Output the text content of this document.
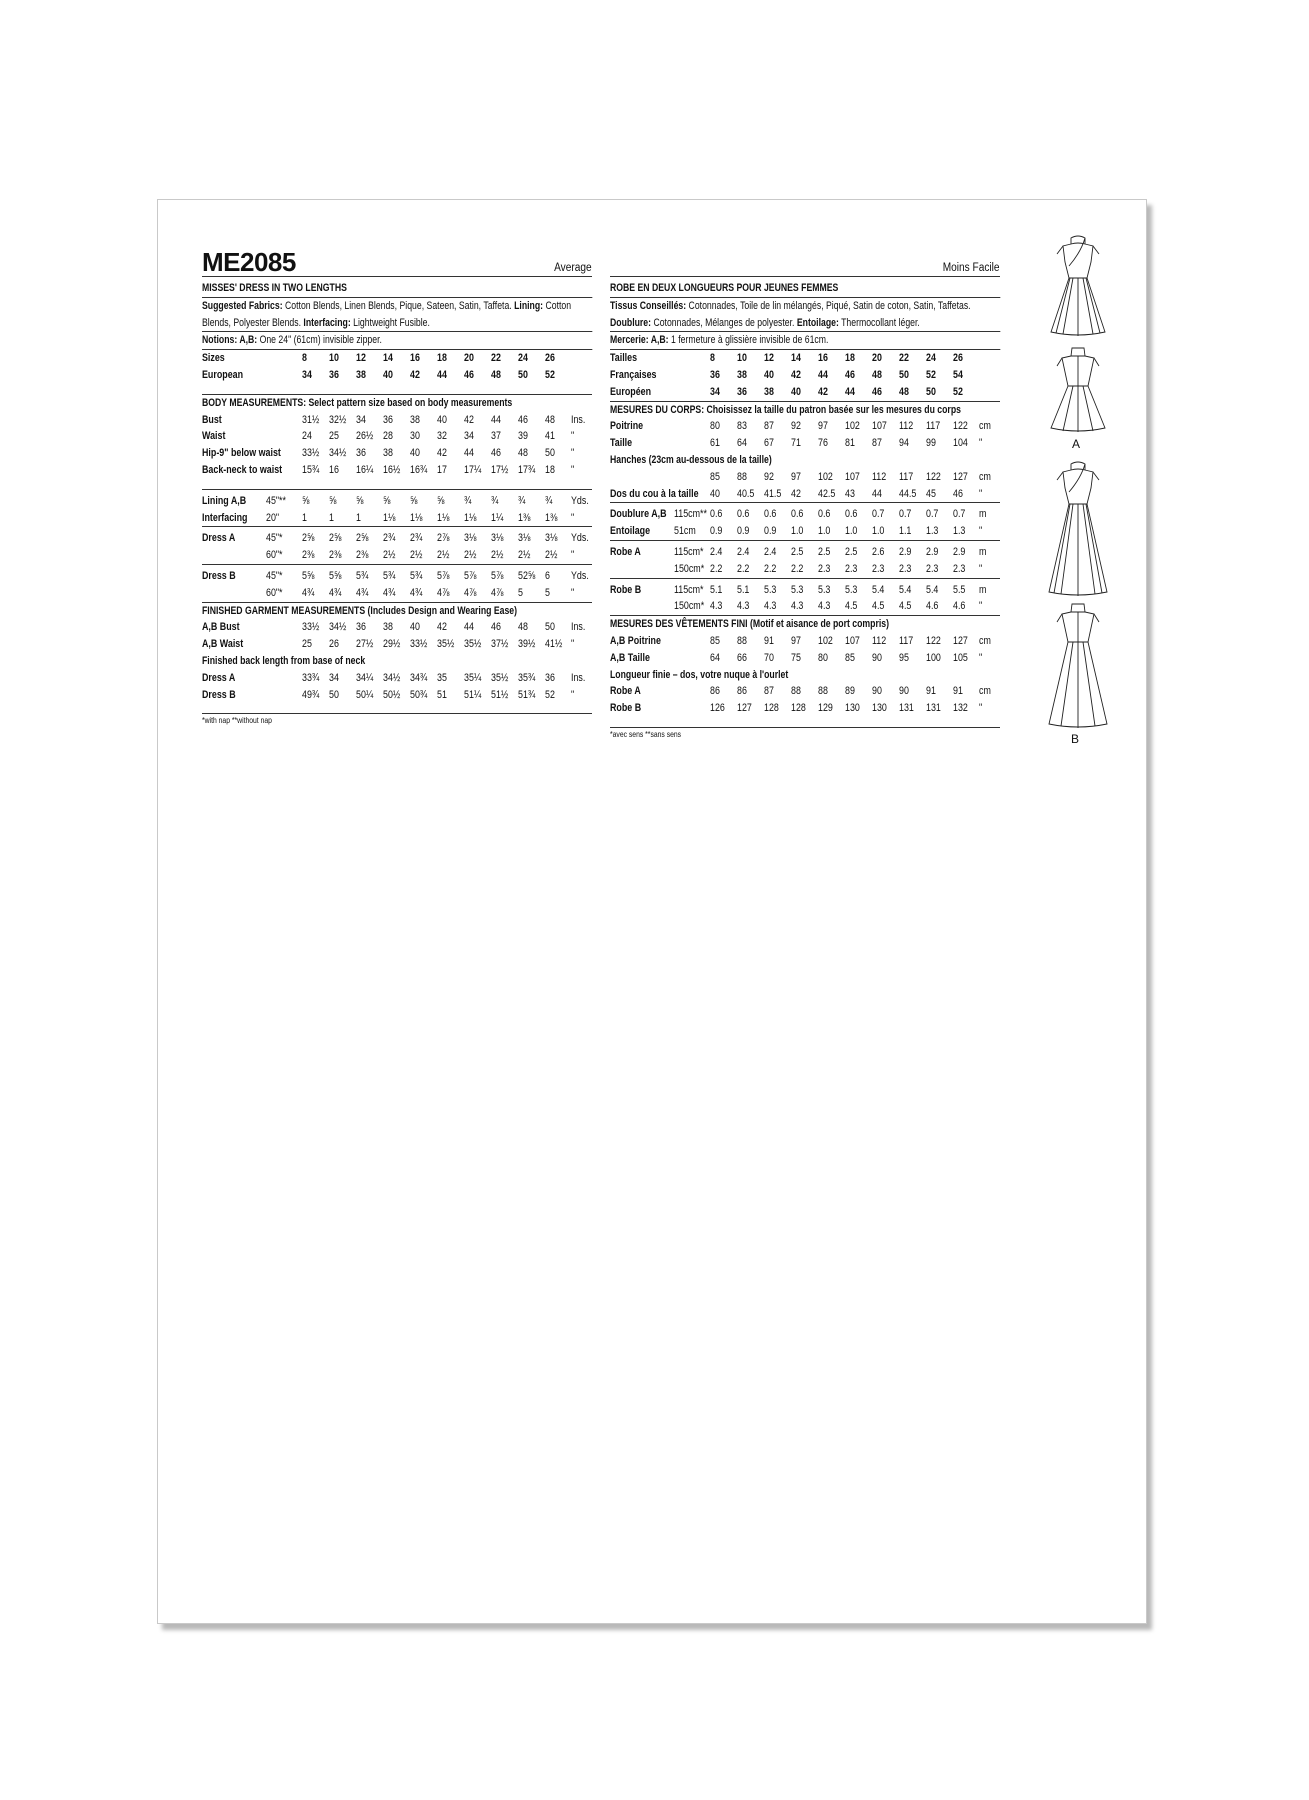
ME2085	Average
MISSES' DRESS IN TWO LENGTHS
Suggested Fabrics: Cotton Blends, Linen Blends, Pique, Sateen, Satin, Taffeta. Lining: Cotton
Blends, Polyester Blends. Interfacing: Lightweight Fusible.
Notions: A,B: One 24" (61cm) invisible zipper.
Sizes	8 10 12 14 16 18 20 22 24 26
European	34 36 38 40 42 44 46 48 50 52
BODY MEASUREMENTS: Select pattern size based on body measurements
Bust	31½ 32½ 34 36 38 40 42 44 46 48 Ins.
Waist	24 25 26½ 28 30 32 34 37 39 41 "
Hip-9" below waist 33½ 34½ 36 38 40 42 44 46 48 50 "
Back-neck to waist 15¾ 16 16¼ 16½ 16¾ 17 17¼ 17½ 17¾ 18 "
Lining A,B 45"** ⅝ ⅝ ⅝ ⅝ ⅝ ⅝ ¾ ¾ ¾ ¾ Yds.
Interfacing 20" 1 1 1 1⅛ 1⅛ 1⅛ 1⅛ 1¼ 1⅜ 1⅜ "
Dress A	45"* 2⅝ 2⅝ 2⅝ 2¾ 2¾ 2⅞ 3⅛ 3⅛ 3⅛ 3⅛ Yds.
60"* 2⅜ 2⅜ 2⅜ 2½ 2½ 2½ 2½ 2½ 2½ 2½ "
Dress B	45"* 5⅝ 5⅝ 5¾ 5¾ 5¾ 5⅞ 5⅞ 5⅞ 52⅝ 6 Yds.
60"* 4¾ 4¾ 4¾ 4¾ 4¾ 4⅞ 4⅞ 4⅞ 5 5 "
FINISHED GARMENT MEASUREMENTS (Includes Design and Wearing Ease)
A,B Bust	33½ 34½ 36 38 40 42 44 46 48 50 Ins.
A,B Waist	25 26 27½ 29½ 33½ 35½ 35½ 37½ 39½ 41½ "
Finished back length from base of neck
Dress A	33¾ 34 34¼ 34½ 34¾ 35 35¼ 35½ 35¾ 36 Ins.
Dress B	49¾ 50 50¼ 50½ 50¾ 51 51¼ 51½ 51¾ 52 "
*with nap **without nap
Moins Facile
ROBE EN DEUX LONGUEURS POUR JEUNES FEMMES
Tissus Conseillés: Cotonnades, Toile de lin mélangés, Piqué, Satin de coton, Satin, Taffetas.
Doublure: Cotonnades, Mélanges de polyester. Entoilage: Thermocollant léger.
Mercerie: A,B: 1 fermeture à glissière invisible de 61cm.
Tailles	8 10 12 14 16 18 20 22 24 26
Françaises	36 38 40 42 44 46 48 50 52 54
Européen	34 36 38 40 42 44 46 48 50 52
MESURES DU CORPS: Choisissez la taille du patron basée sur les mesures du corps
Poitrine	80 83 87 92 97 102 107 112 117 122 cm
Taille	61 64 67 71 76 81 87 94 99 104 "
Hanches (23cm au-dessous de la taille)
85 88 92 97 102 107 112 117 122 127 cm
Dos du cou à la taille 40 40.5 41.5 42 42.5 43 44 44.5 45 46 "
Doublure A,B 115cm** 0.6 0.6 0.6 0.6 0.6 0.6 0.7 0.7 0.7 0.7 m
Entoilage 51cm 0.9 0.9 0.9 1.0 1.0 1.0 1.0 1.1 1.3 1.3 "
Robe A	115cm* 2.4 2.4 2.4 2.5 2.5 2.5 2.6 2.9 2.9 2.9 m
150cm* 2.2 2.2 2.2 2.2 2.3 2.3 2.3 2.3 2.3 2.3 "
Robe B	115cm* 5.1 5.1 5.3 5.3 5.3 5.3 5.4 5.4 5.4 5.5 m
150cm* 4.3 4.3 4.3 4.3 4.3 4.5 4.5 4.5 4.6 4.6 "
MESURES DES VÊTEMENTS FINI (Motif et aisance de port compris)
A,B Poitrine	85 88 91 97 102 107 112 117 122 127 cm
A,B Taille	64 66 70 75 80 85 90 95 100 105 "
Longueur finie – dos, votre nuque à l'ourlet
Robe A	86 86 87 88 88 89 90 90 91 91 cm
Robe B	126 127 128 128 129 130 130 131 131 132 "
*avec sens **sans sens
A
B
